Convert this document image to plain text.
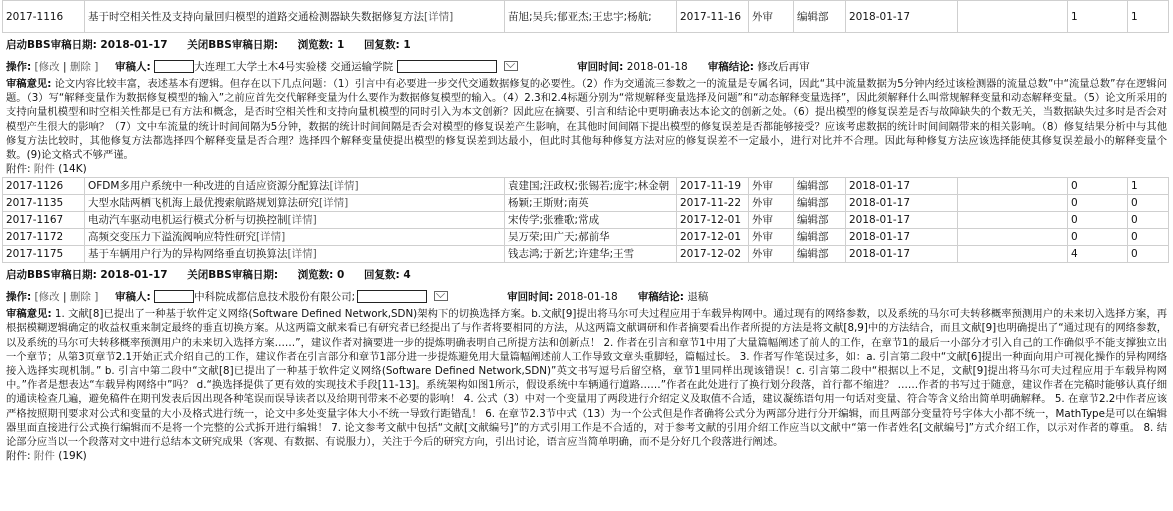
2017-1116	基于时空相关性及支持向量回归模型的道路交通检测器缺失数据修复方法[详情]	苗旭;吴兵;郁亚杰;王忠宇;杨航;	2017-11-16	外审	编辑部	2018-01-17		1	1
启动BBS审稿日期: 2018-01-17 关闭BBS审稿日期: 浏览数: 1 回复数: 1
操作: [修改 | 删除 ] 审稿人:	大连理工大学土木4号实验楼 交通运输学院	审回时间: 2018-01-18 审稿结论: 修改后再审
审稿意见: 论文内容比较丰富，表述基本有逻辑。但存在以下几点问题：（1）引言中有必要进一步交代交通数据修复的必要性。（2）作为交通流三参数之一的流量是专属名词，因此“其中流量数据为5分钟内经过该检测器的流量总数”中“流量总数”存在逻辑问题。（3）写“解释变量作为数据修复模型的输入”之前应首先交代解释变量为什么要作为数据修复模型的输入。（4）2.3和2.4标题分别为“常规解释变量选择及问题”和“动态解释变量选择”，因此须解释什么叫常规解释变量和动态解释变量。（5）论文所采用的支持向量机模型和时空相关性都是已有方法和概念，是否时空相关性和支持向量机模型的同时引入为本文创新？因此应在摘要、引言和结论中更明确表达本论文的创新之处。（6）提出模型的修复误差是否与故障缺失的个数无关，当数据缺失过多时是否会对模型产生很大的影响？（7）文中车流量的统计时间间隔为5分钟，数据的统计时间间隔是否会对模型的修复误差产生影响，在其他时间间隔下提出模型的修复误差是否都能够接受？应该考虑数据的统计时间间隔带来的相关影响。（8）修复结果分析中与其他修复方法比较时，其他修复方法都选择四个解释变量是否合理？选择四个解释变量使提出模型的修复误差到达最小，但此时其他每种修复方法对应的修复误差不一定最小，进行对比并不合理。因此每种修复方法应该选择能使其修复误差最小的解释变量个数。(9)论文格式不够严谨。
附件: 附件 (14K)
2017-1126	OFDM多用户系统中一种改进的自适应资源分配算法[详情]	袁建国;汪政权;张锡若;庞宇;林金朝	2017-11-19	外审	编辑部	2018-01-17		0	1
2017-1135	大型水陆两栖飞机海上最优搜索航路规划算法研究[详情]	杨颖;王斯财;南英	2017-11-22	外审	编辑部	2018-01-17		0	0
2017-1167	电动汽车驱动电机运行模式分析与切换控制[详情]	宋传学;张雅歌;常成	2017-12-01	外审	编辑部	2018-01-17		0	0
2017-1172	高频交变压力下溢流阀响应特性研究[详情]	吴万荣;田广天;郝前华	2017-12-01	外审	编辑部	2018-01-17		0	0
2017-1175	基于车辆用户行为的异构网络垂直切换算法[详情]	钱志鸿;于新艺;许建华;王雪	2017-12-02	外审	编辑部	2018-01-17		4	0
启动BBS审稿日期: 2018-01-17 关闭BBS审稿日期: 浏览数: 0 回复数: 4
操作: [修改 | 删除 ] 审稿人:	中科院成都信息技术股份有限公司;	审回时间: 2018-01-18 审稿结论: 退稿
审稿意见: 1. 文献[8]已提出了一种基于软件定义网络(Software Defined Network,SDN)架构下的切换选择方案。b.文献[9]提出将马尔可夫过程应用于车载异构网中。通过现有的网络参数，以及系统的马尔可夫转移概率预测用户的未来切入选择方案，再根据模糊逻辑确定的收益权重来制定最终的垂直切换方案。从这两篇文献来看已有研究者已经提出了与作者将要相同的方法，从这两篇文献调研和作者摘要看出作者所提的方法是将文献[8,9]中的方法结合，而且文献[9]也明确提出了“通过现有的网络参数，以及系统的马尔可夫转移概率预测用户的未来切入选择方案……”，建议作者对摘要进一步的提炼明确表明自己所提方法和创新点！ 2. 作者在引言和章节1中用了大量篇幅阐述了前人的工作，在章节1的最后一小部分才引入自己的工作确似乎不能支撑独立出一个章节；从第3页章节2.1开始正式介绍自己的工作，建议作者在引言部分和章节1部分进一步提炼避免用大量篇幅阐述前人工作导致文章头重脚轻，篇幅过长。 3. 作者写作笔误过多，如：a. 引言第二段中“文献[6]提出一种面向用户可视化操作的异构网络接入选择实现机制。” b. 引言中第二段中“文献[8]已提出了一种基于软件定义网络(Software Defined Network,SDN)”英文书写逗号后留空格，章节1里同样出现该错误！c. 引言第二段中“根据以上不足，文献[9]提出将马尔可夫过程应用于车载异构网中。”作者是想表达“车载异构网络中”吗？ d.“换选择提供了更有效的实现技术手段[11-13]。系统架构如图1所示，假设系统中车辆通行道路……”作者在此处进行了换行划分段落，首行都不缩进？ ……作者的书写过于随意，建议作者在完稿时能够认真仔细的通读检查几遍，避免稿件在期刊发表后因出现各种笔误而误导读者以及给期刊带来不必要的影响！ 4. 公式（3）中对一个变量用了两段进行介绍定义及取值不合适，建议凝练语句用一句话对变量、符合等含义给出简单明确解释。 5. 在章节2.2中作者应该严格按照期刊要求对公式和变量的大小及格式进行统一，论文中多处变量字体大小不统一导致行距错乱！ 6. 在章节2.3节中式（13）为一个公式但是作者确将公式分为两部分进行分开编辑，而且两部分变量符号字体大小都不统一，MathType是可以在编辑器里面直接进行公式换行编辑而不是将一个完整的公式拆开进行编辑！ 7. 论文参考文献中包括“文献[文献编号]”的方式引用工作是不合适的，对于参考文献的引用介绍工作应当以文献中“第一作者姓名[文献编号]”方式介绍工作，以示对作者的尊重。 8. 结论部分应当以一个段落对文中进行总结本文研究成果（客观、有数据、有说服力），关注于今后的研究方向，引出讨论，语言应当简单明确，而不是分好几个段落进行阐述。
附件: 附件 (19K)
